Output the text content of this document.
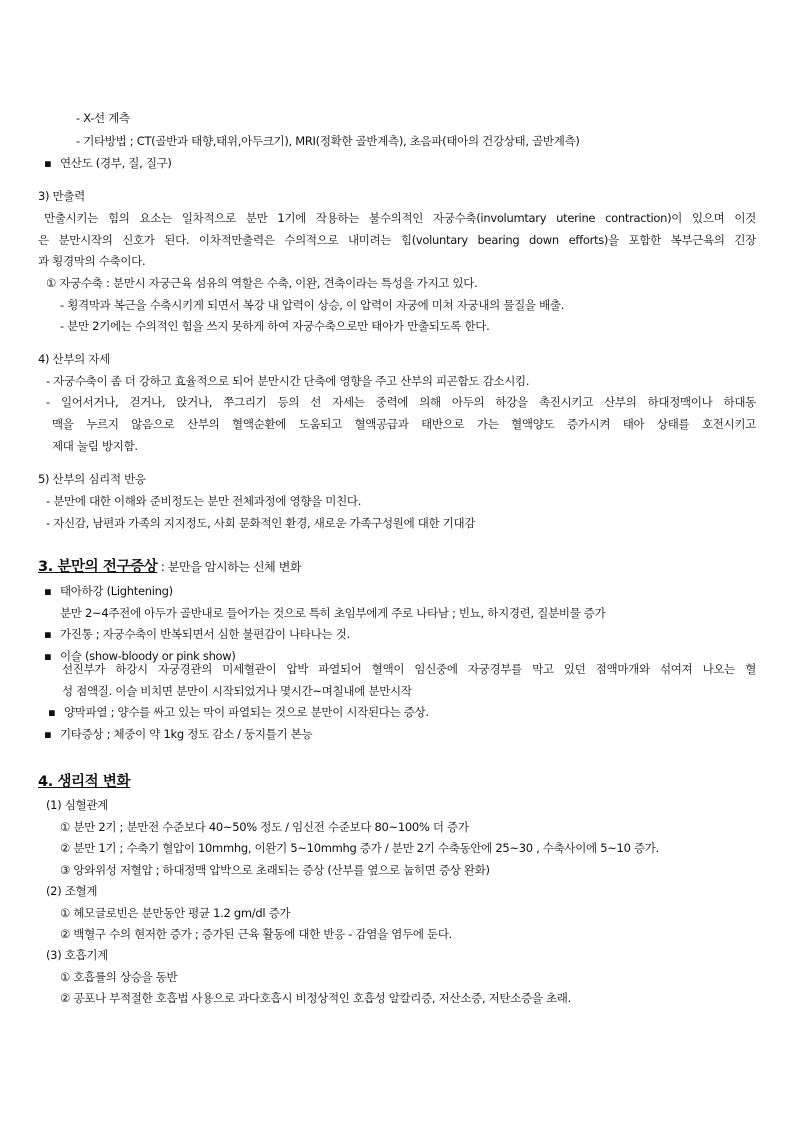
- X-선 계측
- 기타방법 ; CT(골반과 태향,태위,아두크기), MRI(정확한 골반계측), 초음파(태아의 건강상태, 골반계측)
▪ 연산도 (경부, 질, 질구)
3) 만출력
만출시키는 힘의 요소는 일차적으로 분만 1기에 작용하는 불수의적인 자궁수축(involumtary uterine contraction)이 있으며 이것
은 분만시작의 신호가 된다. 이차적만출력은 수의적으로 내미려는 힘(voluntary bearing down efforts)을 포함한 복부근육의 긴장
과 횡경막의 수축이다.
① 자궁수축 : 분만시 자궁근육 섬유의 역할은 수축, 이완, 견축이라는 특성을 가지고 있다.
- 횡격막과 복근을 수축시키게 되면서 복강 내 압력이 상승, 이 압력이 자궁에 미쳐 자궁내의 물질을 배출.
- 분만 2기에는 수의적인 힘을 쓰지 못하게 하여 자궁수축으로만 태아가 만출되도록 한다.
4) 산부의 자세
- 자궁수축이 좀 더 강하고 효율적으로 되어 분만시간 단축에 영향을 주고 산부의 피곤함도 감소시킴.
- 일어서거나, 걷거나, 앉거나, 쭈그리기 등의 선 자세는 중력에 의해 아두의 하강을 촉진시키고 산부의 하대정맥이나 하대동
맥을 누르지 않음으로 산부의 혈액순환에 도움되고 혈액공급과 태반으로 가는 혈액양도 증가시켜 태아 상태를 호전시키고
제대 눌림 방지함.
5) 산부의 심리적 반응
- 분만에 대한 이해와 준비정도는 분만 전체과정에 영향을 미친다.
- 자신감, 남편과 가족의 지지정도, 사회 문화적인 환경, 새로운 가족구성원에 대한 기대감
3. 분만의 전구증상 : 분만을 암시하는 신체 변화
▪ 태아하강 (Lightening)
분만 2~4주전에 아두가 골반내로 들어가는 것으로 특히 초임부에게 주로 나타남 ; 빈뇨, 하지경련, 질분비물 증가
▪ 가진통 ; 자궁수축이 반복되면서 심한 불편감이 나타나는 것.
▪ 이슬 (show-bloody or pink show)
선진부가 하강시 자궁경관의 미세혈관이 압박 파열되어 혈액이 임신중에 자궁경부를 막고 있던 점액마개와 섞여져 나오는 혈
성 점액질. 이슬 비치면 분만이 시작되었거나 몇시간~며칠내에 분만시작
▪ 양막파열 ; 양수를 싸고 있는 막이 파열되는 것으로 분만이 시작된다는 증상.
▪ 기타증상 ; 체중이 약 1kg 정도 감소 / 둥지틀기 본능
4. 생리적 변화
(1) 심혈관계
① 분만 2기 ; 분만전 수준보다 40~50% 정도 / 임신전 수준보다 80~100% 더 증가
② 분만 1기 ; 수축기 혈압이 10mmhg, 이완기 5~10mmhg 증가 / 분만 2기 수축동안에 25~30 , 수축사이에 5~10 증가.
③ 앙와위성 저혈압 ; 하대정맥 압박으로 초래되는 증상 (산부를 옆으로 눕히면 증상 완화)
(2) 조혈계
① 헤모글로빈은 분만동안 평균 1.2 gm/dl 증가
② 백혈구 수의 현저한 증가 ; 증가된 근육 활동에 대한 반응 - 감염을 염두에 둔다.
(3) 호흡기계
① 호흡률의 상승을 동반
② 공포나 부적절한 호흡법 사용으로 과다호흡시 비정상적인 호흡성 알칼리증, 저산소증, 저탄소증을 초래.
